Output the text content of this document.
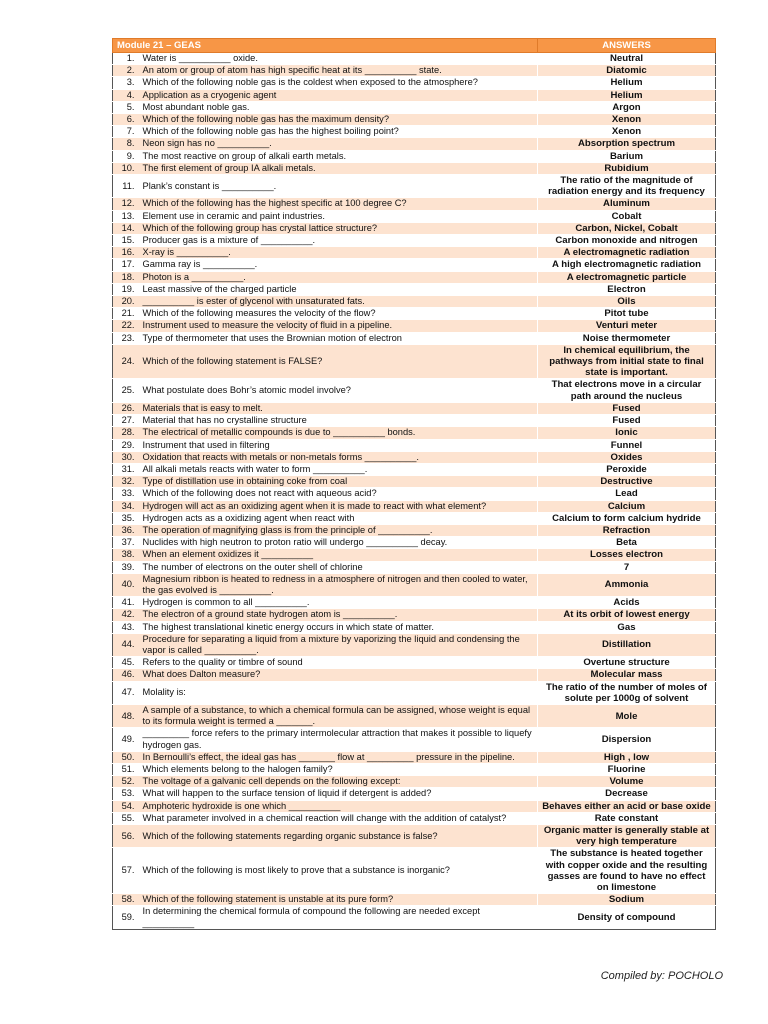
Module 21 – GEAS		ANSWERS
1.	Water is __________ oxide.	Neutral
2.	An atom or group of atom has high specific heat at its __________ state.	Diatomic
3.	Which of the following noble gas is the coldest when exposed to the atmosphere?	Helium
4.	Application as a cryogenic agent	Helium
5.	Most abundant noble gas.	Argon
6.	Which of the following noble gas has the maximum density?	Xenon
7.	Which of the following noble gas has the highest boiling point?	Xenon
8.	Neon sign has no __________.	Absorption spectrum
9.	The most reactive on group of alkali earth metals.	Barium
10.	The first element of group IA alkali metals.	Rubidium
11.	Plank’s constant is __________.	The ratio of the magnitude of radiation energy and its frequency
12.	Which of the following has the highest specific at 100 degree C?	Aluminum
13.	Element use in ceramic and paint industries.	Cobalt
14.	Which of the following group has crystal lattice structure?	Carbon, Nickel, Cobalt
15.	Producer gas is a mixture of __________.	Carbon monoxide and nitrogen
16.	X-ray is __________.	A electromagnetic radiation
17.	Gamma ray is __________.	A high electromagnetic radiation
18.	Photon is a __________.	A electromagnetic particle
19.	Least massive of the charged particle	Electron
20.	__________ is ester of glycenol with unsaturated fats.	Oils
21.	Which of the following measures the velocity of the flow?	Pitot tube
22.	Instrument used to measure the velocity of fluid in a pipeline.	Venturi meter
23.	Type of thermometer that uses the Brownian motion of electron	Noise thermometer
24.	Which of the following statement is FALSE?	In chemical equilibrium, the pathways from initial state to final state is important.
25.	What postulate does Bohr’s atomic model involve?	That electrons move in a circular path around the nucleus
26.	Materials that is easy to melt.	Fused
27.	Material that has no crystalline structure	Fused
28.	The electrical of metallic compounds is due to __________ bonds.	Ionic
29.	Instrument that used in filtering	Funnel
30.	Oxidation that reacts with metals or non-metals forms __________.	Oxides
31.	All alkali metals reacts with water to form __________.	Peroxide
32.	Type of distillation use in obtaining coke from coal	Destructive
33.	Which of the following does not react with aqueous acid?	Lead
34.	Hydrogen will act as an oxidizing agent when it is made to react with what element?	Calcium
35.	Hydrogen acts as a oxidizing agent when react with	Calcium to form calcium hydride
36.	The operation of magnifying glass is from the principle of __________.	Refraction
37.	Nuclides with high neutron to proton ratio will undergo __________ decay.	Beta
38.	When an element oxidizes it __________	Losses electron
39.	The number of electrons on the outer shell of chlorine	7
40.	Magnesium ribbon is heated to redness in a atmosphere of nitrogen and then cooled to water, the gas evolved is __________.	Ammonia
41.	Hydrogen is common to all __________.	Acids
42.	The electron of a ground state hydrogen atom is __________.	At its orbit of lowest energy
43.	The highest translational kinetic energy occurs in which state of matter.	Gas
44.	Procedure for separating a liquid from a mixture by vaporizing the liquid and condensing the vapor is called __________.	Distillation
45.	Refers to the quality or timbre of sound	Overtune structure
46.	What does Dalton measure?	Molecular mass
47.	Molality is:	The ratio of the number of moles of solute per 1000g of solvent
48.	A sample of a substance, to which a chemical formula can be assigned, whose weight is equal to its formula weight is termed a _______.	Mole
49.	_________ force refers to the primary intermolecular attraction that makes it possible to liquefy hydrogen gas.	Dispersion
50.	In Bernoulli’s effect, the ideal gas has _______ flow at _________ pressure in the pipeline.	High , low
51.	Which elements belong to the halogen family?	Fluorine
52.	The voltage of a galvanic cell depends on the following except:	Volume
53.	What will happen to the surface tension of liquid if detergent is added?	Decrease
54.	Amphoteric hydroxide is one which __________	Behaves either an acid or base oxide
55.	What parameter involved in a chemical reaction will change with the addition of catalyst?	Rate constant
56.	Which of the following statements regarding organic substance is false?	Organic matter is generally stable at very high temperature
57.	Which of the following is most likely to prove that a substance is inorganic?	The substance is heated together with copper oxide and the resulting gasses are found to have no effect on limestone
58.	Which of the following statement is unstable at its pure form?	Sodium
59.	In determining the chemical formula of compound the following are needed except __________	Density of compound
Compiled by: POCHOLO
